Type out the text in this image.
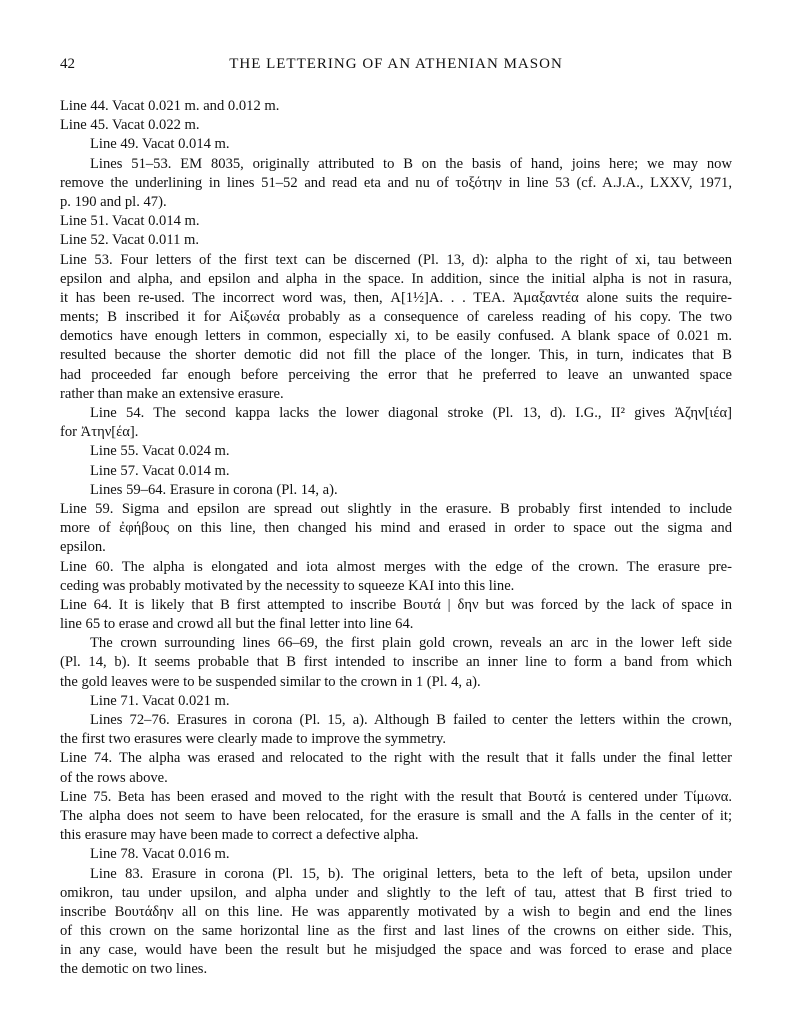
42	THE LETTERING OF AN ATHENIAN MASON
Line 44. Vacat 0.021 m. and 0.012 m.
Line 45. Vacat 0.022 m.
Line 49. Vacat 0.014 m.
Lines 51–53. EM 8035, originally attributed to B on the basis of hand, joins here; we may now
remove the underlining in lines 51–52 and read eta and nu of τοξότην in line 53 (cf. A.J.A., LXXV, 1971,
p. 190 and pl. 47).
Line 51. Vacat 0.014 m.
Line 52. Vacat 0.011 m.
Line 53. Four letters of the first text can be discerned (Pl. 13, d): alpha to the right of xi, tau between
epsilon and alpha, and epsilon and alpha in the space. In addition, since the initial alpha is not in rasura,
it has been re-used. The incorrect word was, then, Α[1½]Α. . . ΤΕΑ. Ἀμαξαντέα alone suits the require-
ments; B inscribed it for Αἰξωνέα probably as a consequence of careless reading of his copy. The two
demotics have enough letters in common, especially xi, to be easily confused. A blank space of 0.021 m.
resulted because the shorter demotic did not fill the place of the longer. This, in turn, indicates that B
had proceeded far enough before perceiving the error that he preferred to leave an unwanted space
rather than make an extensive erasure.
Line 54. The second kappa lacks the lower diagonal stroke (Pl. 13, d). I.G., II² gives Ἀζην[ιέα]
for Ἀτην[έα].
Line 55. Vacat 0.024 m.
Line 57. Vacat 0.014 m.
Lines 59–64. Erasure in corona (Pl. 14, a).
Line 59. Sigma and epsilon are spread out slightly in the erasure. B probably first intended to include
more of ἐφήβους on this line, then changed his mind and erased in order to space out the sigma and
epsilon.
Line 60. The alpha is elongated and iota almost merges with the edge of the crown. The erasure pre-
ceding was probably motivated by the necessity to squeeze ΚΑΙ into this line.
Line 64. It is likely that B first attempted to inscribe Βουτά | δην but was forced by the lack of space in
line 65 to erase and crowd all but the final letter into line 64.
The crown surrounding lines 66–69, the first plain gold crown, reveals an arc in the lower left side
(Pl. 14, b). It seems probable that B first intended to inscribe an inner line to form a band from which
the gold leaves were to be suspended similar to the crown in 1 (Pl. 4, a).
Line 71. Vacat 0.021 m.
Lines 72–76. Erasures in corona (Pl. 15, a). Although B failed to center the letters within the crown,
the first two erasures were clearly made to improve the symmetry.
Line 74. The alpha was erased and relocated to the right with the result that it falls under the final letter
of the rows above.
Line 75. Beta has been erased and moved to the right with the result that Βουτά is centered under Τίμωνα.
The alpha does not seem to have been relocated, for the erasure is small and the A falls in the center of it;
this erasure may have been made to correct a defective alpha.
Line 78. Vacat 0.016 m.
Line 83. Erasure in corona (Pl. 15, b). The original letters, beta to the left of beta, upsilon under
omikron, tau under upsilon, and alpha under and slightly to the left of tau, attest that B first tried to
inscribe Βουτάδην all on this line. He was apparently motivated by a wish to begin and end the lines
of this crown on the same horizontal line as the first and last lines of the crowns on either side. This,
in any case, would have been the result but he misjudged the space and was forced to erase and place
the demotic on two lines.
